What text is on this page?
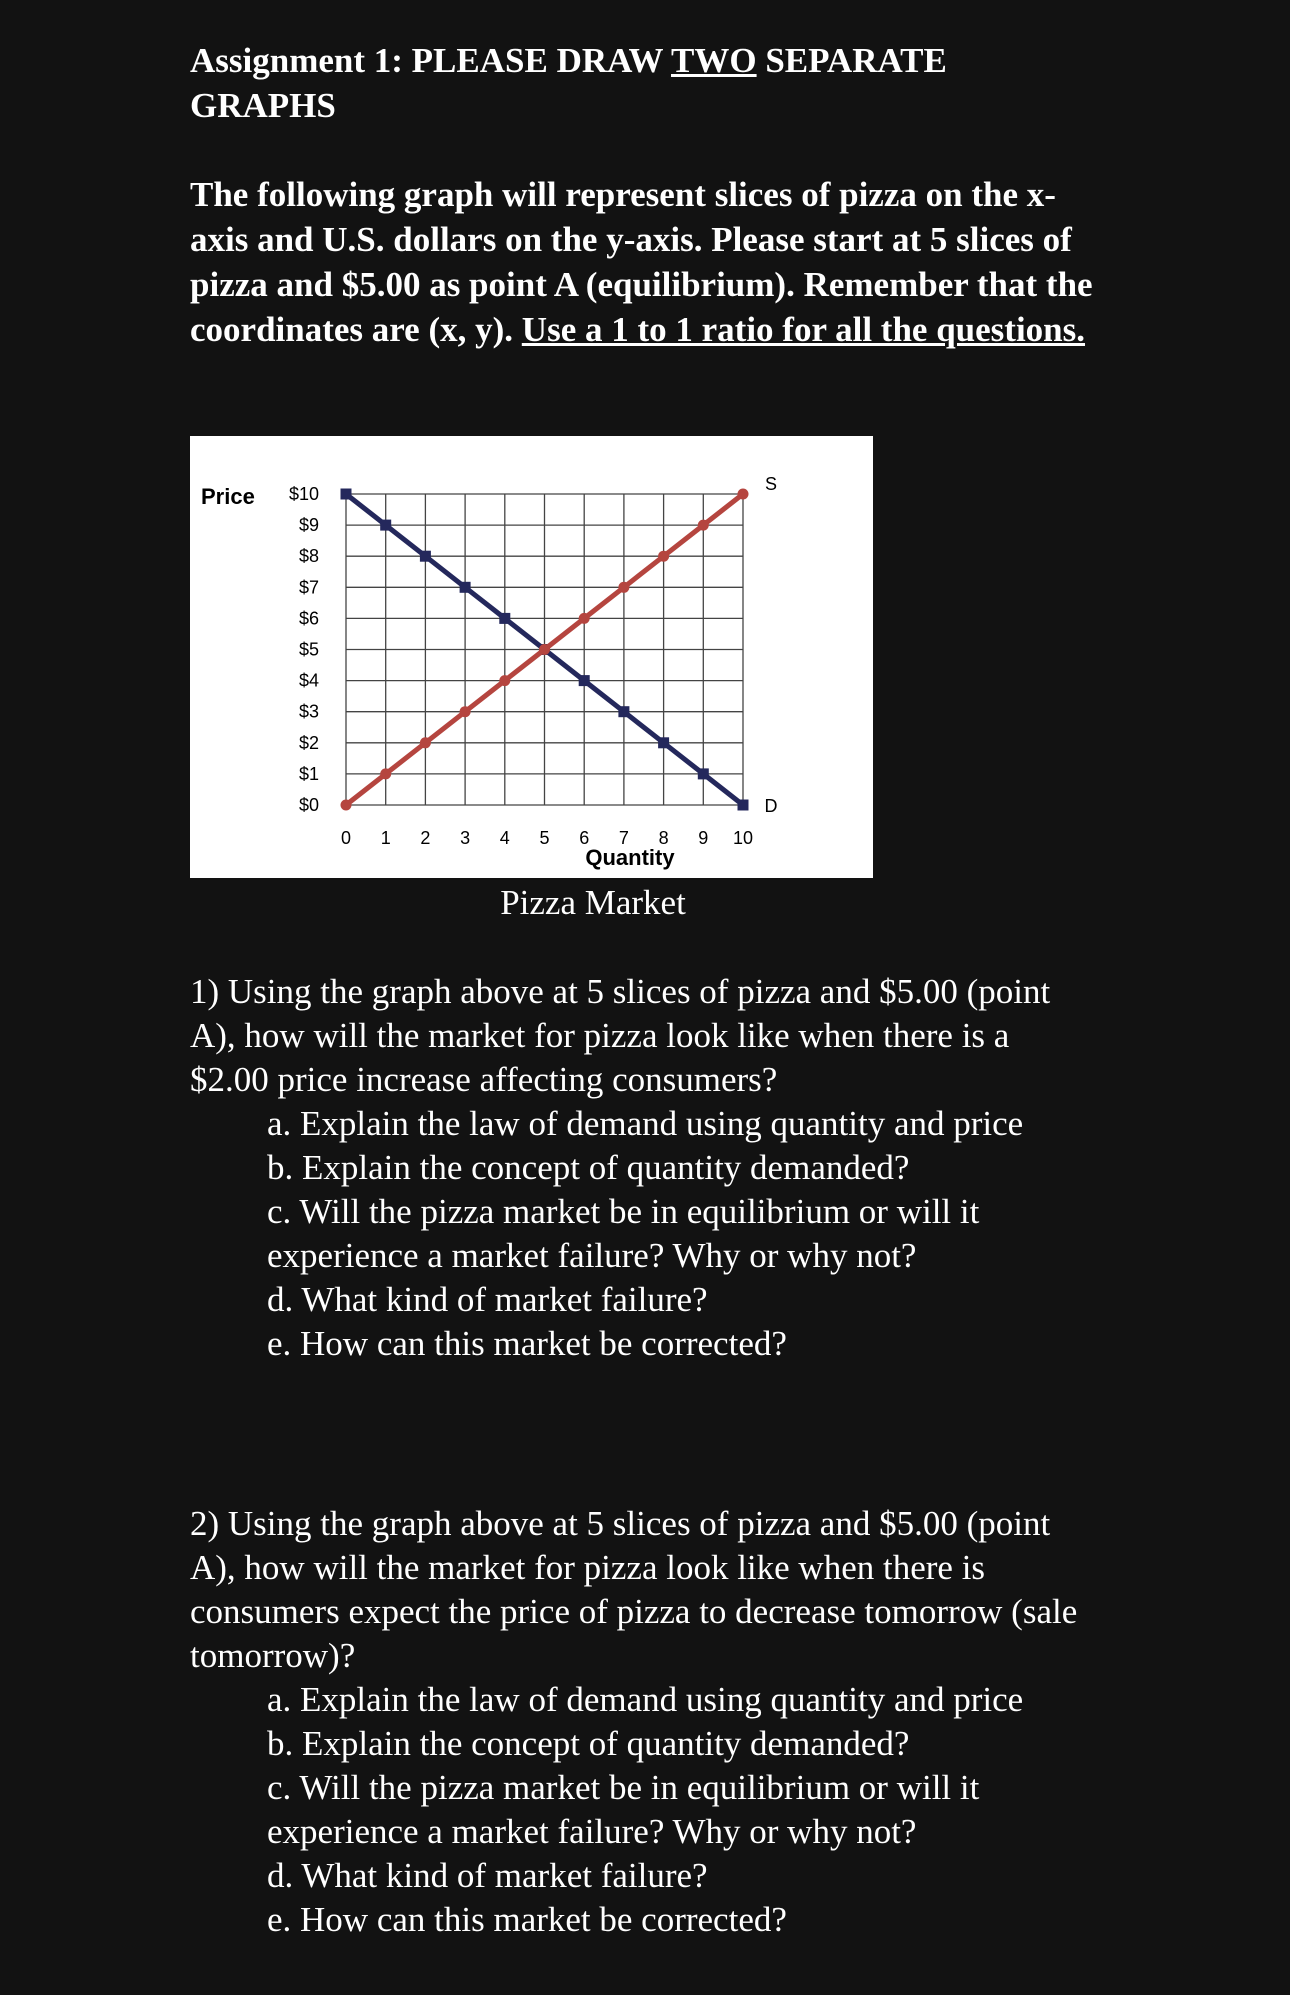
Assignment 1: PLEASE DRAW TWO SEPARATE GRAPHS

The following graph will represent slices of pizza on the x-axis and U.S. dollars on the y-axis. Please start at 5 slices of pizza and $5.00 as point A (equilibrium). Remember that the coordinates are (x, y). Use a 1 to 1 ratio for all the questions.

$0
$1
$2
$3
$4
$5
$6
$7
$8
$9
$10
0 1 2 3 4 5 6 7 8 9 10
D
S
Price
Quantity
Pizza Market
1) Using the graph above at 5 slices of pizza and $5.00 (point A), how will the market for pizza look like when there is a $2.00 price increase affecting consumers?
a. Explain the law of demand using quantity and price
b. Explain the concept of quantity demanded?
c. Will the pizza market be in equilibrium or will it experience a market failure? Why or why not?
d. What kind of market failure?
e. How can this market be corrected?
2) Using the graph above at 5 slices of pizza and $5.00 (point A), how will the market for pizza look like when there is consumers expect the price of pizza to decrease tomorrow (sale tomorrow)?
a. Explain the law of demand using quantity and price
b. Explain the concept of quantity demanded?
c. Will the pizza market be in equilibrium or will it experience a market failure? Why or why not?
d. What kind of market failure?
e. How can this market be corrected?
